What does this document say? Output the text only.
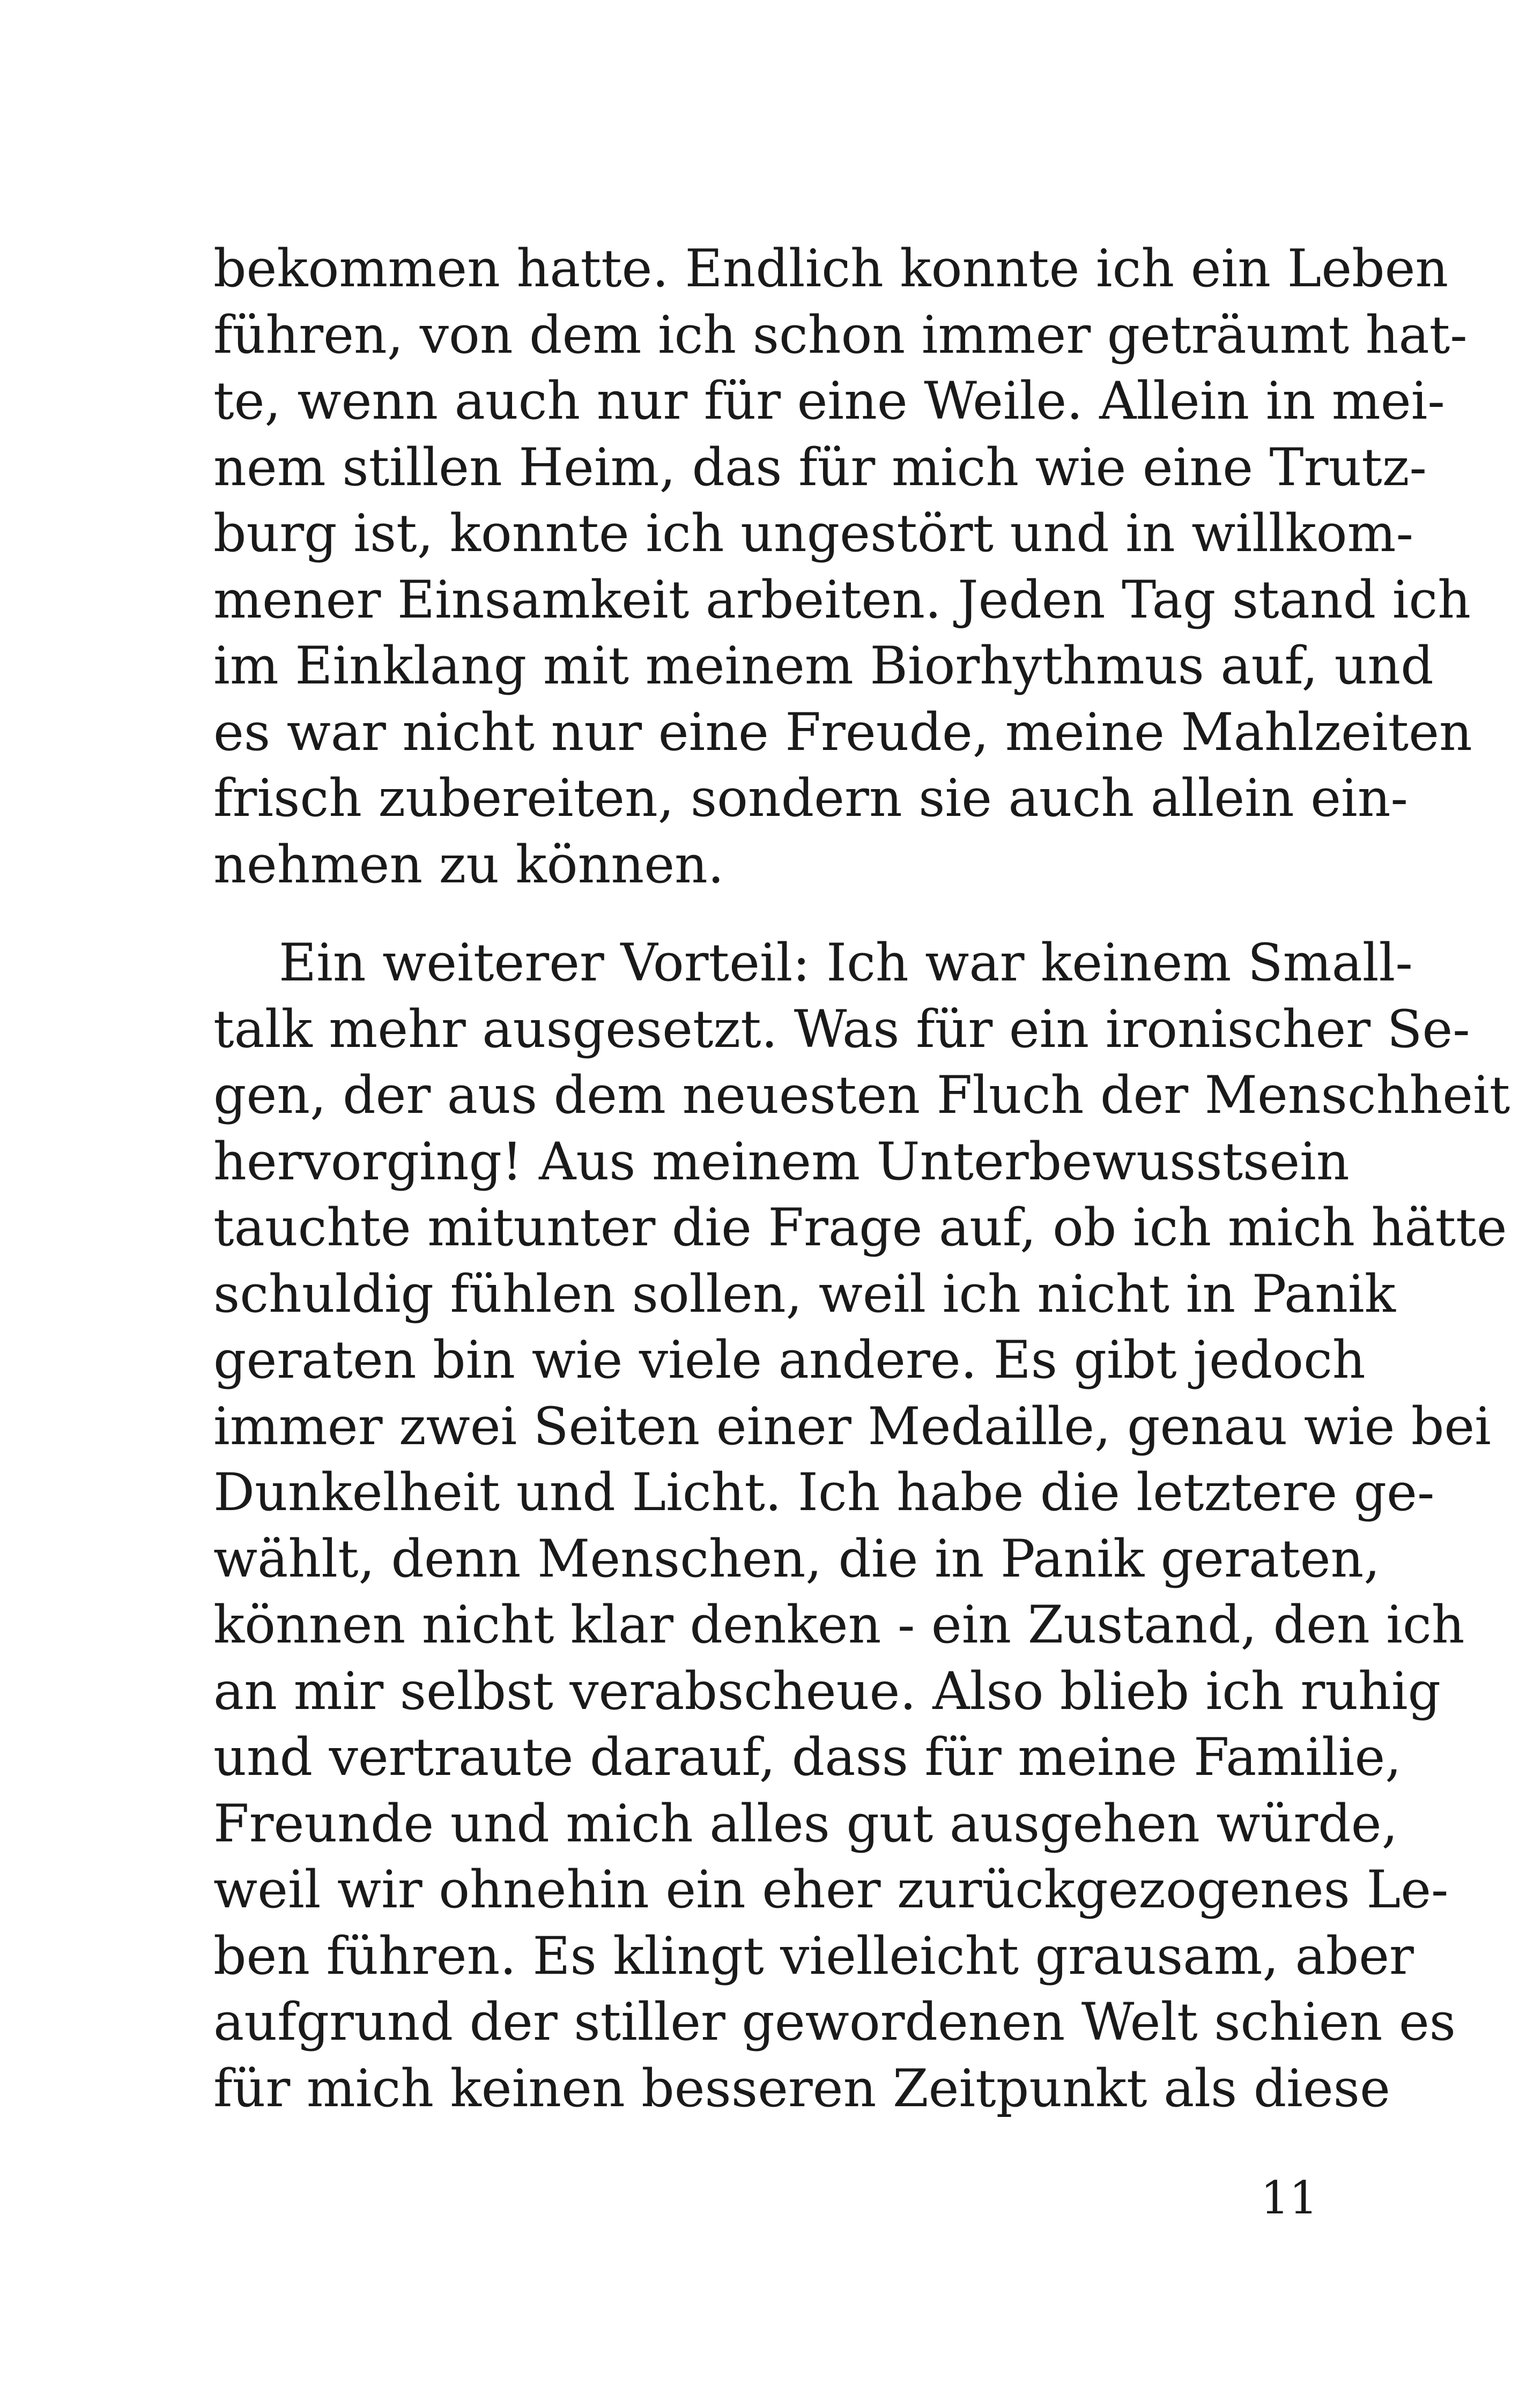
bekommen hatte. Endlich konnte ich ein Leben
führen, von dem ich schon immer geträumt hat-
te, wenn auch nur für eine Weile. Allein in mei-
nem stillen Heim, das für mich wie eine Trutz-
burg ist, konnte ich ungestört und in willkom-
mener Einsamkeit arbeiten. Jeden Tag stand ich
im Einklang mit meinem Biorhythmus auf, und
es war nicht nur eine Freude, meine Mahlzeiten
frisch zubereiten, sondern sie auch allein ein-
nehmen zu können.
Ein weiterer Vorteil: Ich war keinem Small-
talk mehr ausgesetzt. Was für ein ironischer Se-
gen, der aus dem neuesten Fluch der Menschheit
hervorging! Aus meinem Unterbewusstsein
tauchte mitunter die Frage auf, ob ich mich hätte
schuldig fühlen sollen, weil ich nicht in Panik
geraten bin wie viele andere. Es gibt jedoch
immer zwei Seiten einer Medaille, genau wie bei
Dunkelheit und Licht. Ich habe die letztere ge-
wählt, denn Menschen, die in Panik geraten,
können nicht klar denken - ein Zustand, den ich
an mir selbst verabscheue. Also blieb ich ruhig
und vertraute darauf, dass für meine Familie,
Freunde und mich alles gut ausgehen würde,
weil wir ohnehin ein eher zurückgezogenes Le-
ben führen. Es klingt vielleicht grausam, aber
aufgrund der stiller gewordenen Welt schien es
für mich keinen besseren Zeitpunkt als diese
11
